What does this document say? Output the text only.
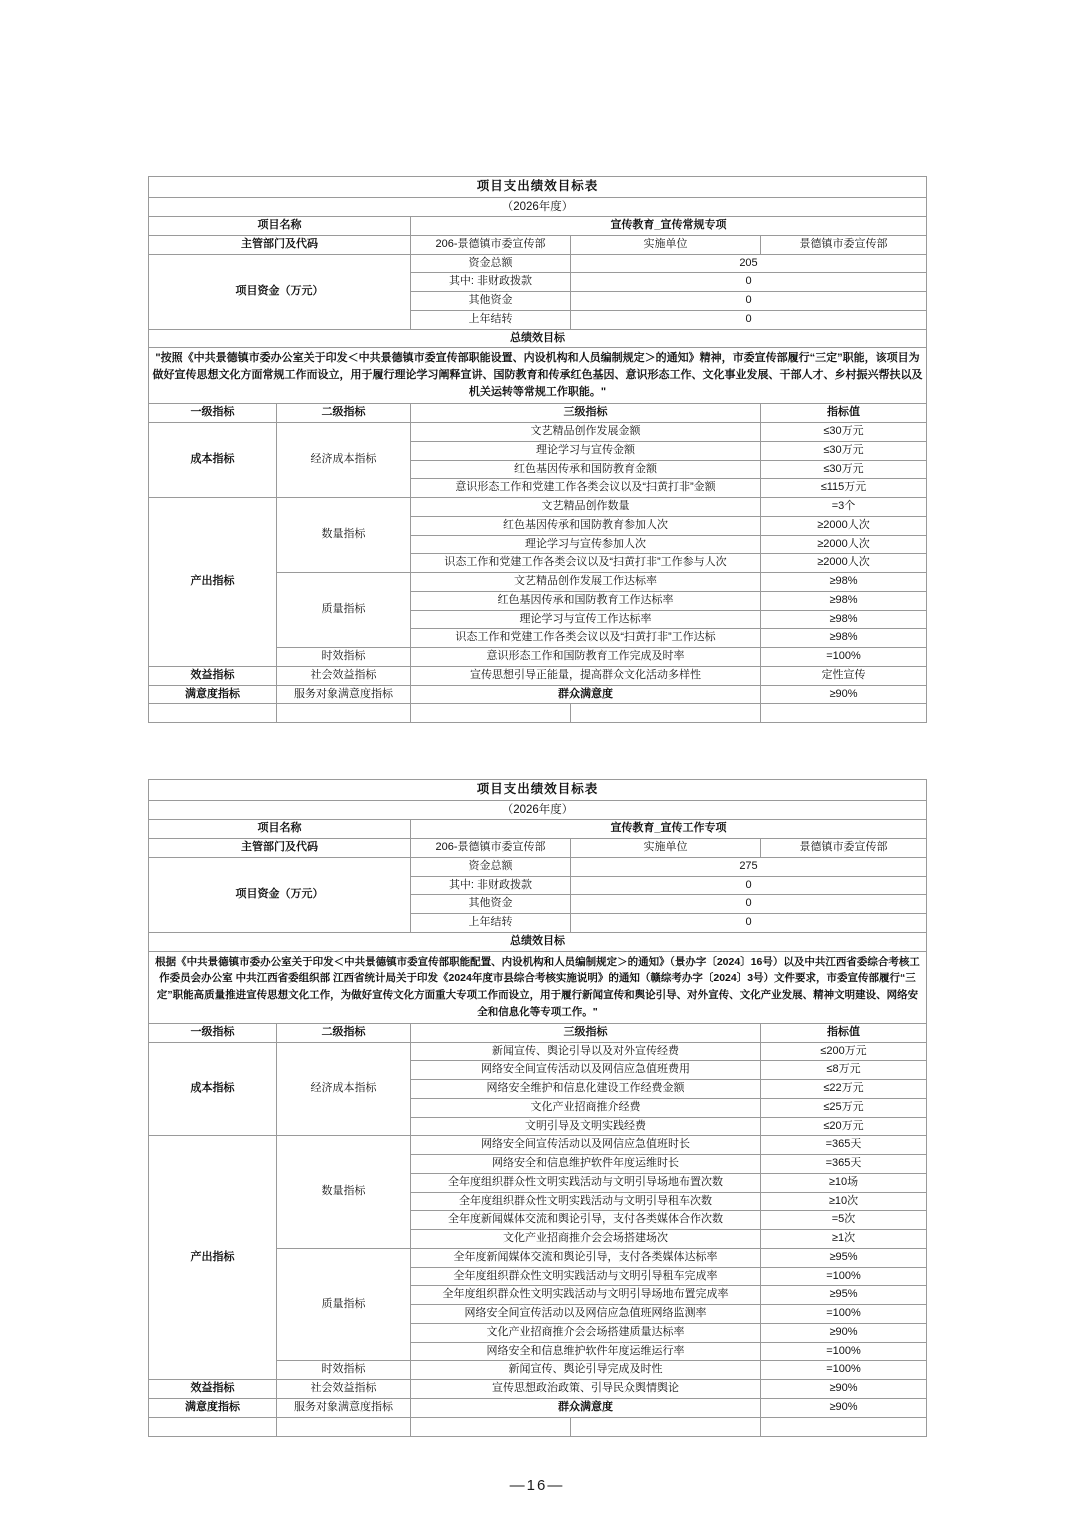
项目支出绩效目标表				
（2026年度）				
项目名称		宣传教育_宣传常规专项		
主管部门及代码		206-景德镇市委宣传部	实施单位	景德镇市委宣传部
项目资金（万元）		资金总额	205	
		其中: 非财政拨款	0	
		其他资金	0	
		上年结转	0	
总绩效目标				
"按照《中共景德镇市委办公室关于印发＜中共景德镇市委宣传部职能设置、内设机构和人员编制规定＞的通知》精神，市委宣传部履行“三定”职能，该项目为做好宣传思想文化方面常规工作而设立，用于履行理论学习阐释宣讲、国防教育和传承红色基因、意识形态工作、文化事业发展、干部人才、乡村振兴帮扶以及机关运转等常规工作职能。"				
一级指标	二级指标	三级指标		指标值
成本指标	经济成本指标	文艺精品创作发展金额		≤30万元
		理论学习与宣传金额		≤30万元
		红色基因传承和国防教育金额		≤30万元
		意识形态工作和党建工作各类会议以及“扫黄打非”金额		≤115万元
产出指标	数量指标	文艺精品创作数量		=3个
		红色基因传承和国防教育参加人次		≥2000人次
		理论学习与宣传参加人次		≥2000人次
		识态工作和党建工作各类会议以及“扫黄打非”工作参与人次		≥2000人次
	质量指标	文艺精品创作发展工作达标率		≥98%
		红色基因传承和国防教育工作达标率		≥98%
		理论学习与宣传工作达标率		≥98%
		识态工作和党建工作各类会议以及“扫黄打非”工作达标		≥98%
	时效指标	意识形态工作和国防教育工作完成及时率		=100%
效益指标	社会效益指标	宣传思想引导正能量，提高群众文化活动多样性		定性宣传
满意度指标	服务对象满意度指标	群众满意度		≥90%

项目支出绩效目标表				
（2026年度）				
项目名称		宣传教育_宣传工作专项		
主管部门及代码		206-景德镇市委宣传部	实施单位	景德镇市委宣传部
项目资金（万元）		资金总额	275	
		其中: 非财政拨款	0	
		其他资金	0	
		上年结转	0	
总绩效目标				
根据《中共景德镇市委办公室关于印发＜中共景德镇市委宣传部职能配置、内设机构和人员编制规定＞的通知》（景办字〔2024〕16号）以及中共江西省委综合考核工作委员会办公室 中共江西省委组织部 江西省统计局关于印发《2024年度市县综合考核实施说明》的通知（赣综考办字〔2024〕3号）文件要求，市委宣传部履行“三定”职能高质量推进宣传思想文化工作，为做好宣传文化方面重大专项工作而设立，用于履行新闻宣传和舆论引导、对外宣传、文化产业发展、精神文明建设、网络安全和信息化等专项工作。"				
一级指标	二级指标	三级指标		指标值
成本指标	经济成本指标	新闻宣传、舆论引导以及对外宣传经费		≤200万元
		网络安全间宣传活动以及网信应急值班费用		≤8万元
		网络安全维护和信息化建设工作经费金额		≤22万元
		文化产业招商推介经费		≤25万元
		文明引导及文明实践经费		≤20万元
产出指标	数量指标	网络安全间宣传活动以及网信应急值班时长		=365天
		网络安全和信息维护软件年度运维时长		=365天
		全年度组织群众性文明实践活动与文明引导场地布置次数		≥10场
		全年度组织群众性文明实践活动与文明引导租车次数		≥10次
		全年度新闻媒体交流和舆论引导，支付各类媒体合作次数		=5次
		文化产业招商推介会会场搭建场次		≥1次
	质量指标	全年度新闻媒体交流和舆论引导，支付各类媒体达标率		≥95%
		全年度组织群众性文明实践活动与文明引导租车完成率		=100%
		全年度组织群众性文明实践活动与文明引导场地布置完成率		≥95%
		网络安全间宣传活动以及网信应急值班网络监测率		=100%
		文化产业招商推介会会场搭建质量达标率		≥90%
		网络安全和信息维护软件年度运维运行率		=100%
	时效指标	新闻宣传、舆论引导完成及时性		=100%
效益指标	社会效益指标	宣传思想政治政策、引导民众舆情舆论		≥90%
满意度指标	服务对象满意度指标	群众满意度		≥90%

—16—
